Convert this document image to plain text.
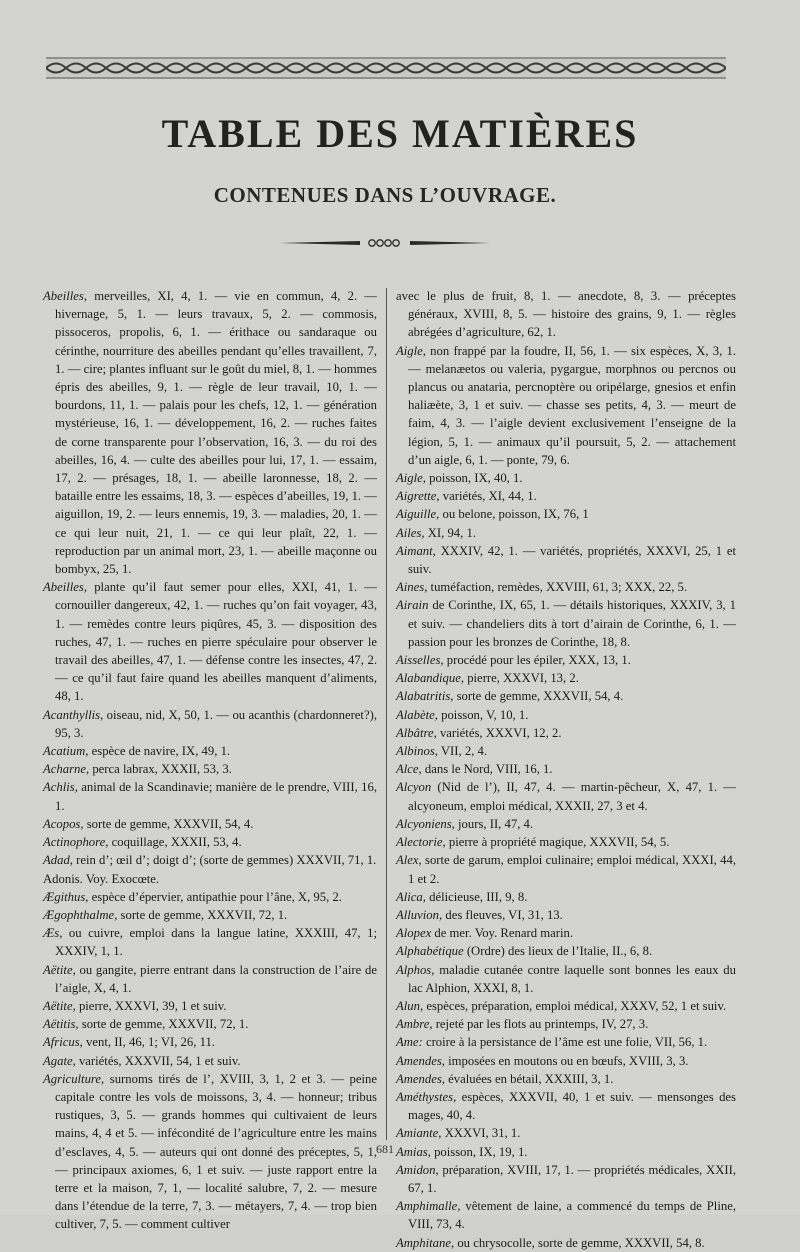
TABLE DES MATIÈRES
CONTENUES DANS L’OUVRAGE.

Abeilles, merveilles, XI, 4, 1. — vie en commun, 4, 2. — hivernage, 5, 1. — leurs travaux, 5, 2. — commosis, pissoceros, propolis, 6, 1. — érithace ou sandaraque ou cérinthe, nourriture des abeilles pendant qu’elles travaillent, 7, 1. — cire; plantes influant sur le goût du miel, 8, 1. — hommes épris des abeilles, 9, 1. — règle de leur travail, 10, 1. — bourdons, 11, 1. — palais pour les chefs, 12, 1. — génération mystérieuse, 16, 1. — développement, 16, 2. — ruches faites de corne transparente pour l’observation, 16, 3. — du roi des abeilles, 16, 4. — culte des abeilles pour lui, 17, 1. — essaim, 17, 2. — présages, 18, 1. — abeille laronnesse, 18, 2. — bataille entre les essaims, 18, 3. — espèces d’abeilles, 19, 1. — aiguillon, 19, 2. — leurs ennemis, 19, 3. — maladies, 20, 1. — ce qui leur nuit, 21, 1. — ce qui leur plaît, 22, 1. — reproduction par un animal mort, 23, 1. — abeille maçonne ou bombyx, 25, 1.

Abeilles, plante qu’il faut semer pour elles, XXI, 41, 1. — cornouiller dangereux, 42, 1. — ruches qu’on fait voyager, 43, 1. — remèdes contre leurs piqûres, 45, 3. — disposition des ruches, 47, 1. — ruches en pierre spéculaire pour observer le travail des abeilles, 47, 1. — défense contre les insectes, 47, 2. — ce qu’il faut faire quand les abeilles manquent d’aliments, 48, 1.

Acanthyllis, oiseau, nid, X, 50, 1. — ou acanthis (chardonneret?), 95, 3.

Acatium, espèce de navire, IX, 49, 1.

Acharne, perca labrax, XXXII, 53, 3.

Achlis, animal de la Scandinavie; manière de le prendre, VIII, 16, 1.

Acopos, sorte de gemme, XXXVII, 54, 4.

Actinophore, coquillage, XXXII, 53, 4.

Adad, rein d’; œil d’; doigt d’; (sorte de gemmes) XXXVII, 71, 1.

Adonis. Voy. Exocœte.

Ægithus, espèce d’épervier, antipathie pour l’âne, X, 95, 2.

Ægophthalme, sorte de gemme, XXXVII, 72, 1.

Æs, ou cuivre, emploi dans la langue latine, XXXIII, 47, 1; XXXIV, 1, 1.

Aëtite, ou gangite, pierre entrant dans la construction de l’aire de l’aigle, X, 4, 1.

Aëtite, pierre, XXXVI, 39, 1 et suiv.

Aëtitis, sorte de gemme, XXXVII, 72, 1.

Africus, vent, II, 46, 1; VI, 26, 11.

Agate, variétés, XXXVII, 54, 1 et suiv.

Agriculture, surnoms tirés de l’, XVIII, 3, 1, 2 et 3. — peine capitale contre les vols de moissons, 3, 4. — honneur; tribus rustiques, 3, 5. — grands hommes qui cultivaient de leurs mains, 4, 4 et 5. — infécondité de l’agriculture entre les mains d’esclaves, 4, 5. — auteurs qui ont donné des préceptes, 5, 1, — principaux axiomes, 6, 1 et suiv. — juste rapport entre la terre et la maison, 7, 1, — localité salubre, 7, 2. — mesure dans l’étendue de la terre, 7, 3. — métayers, 7, 4. — trop bien cultiver, 7, 5. — comment cultiver

avec le plus de fruit, 8, 1. — anecdote, 8, 3. — préceptes généraux, XVIII, 8, 5. — histoire des grains, 9, 1. — règles abrégées d’agriculture, 62, 1.

Aigle, non frappé par la foudre, II, 56, 1. — six espèces, X, 3, 1. — melanæetos ou valeria, pygargue, morphnos ou percnos ou plancus ou anataria, percnoptère ou oripélarge, gnesios et enfin haliæète, 3, 1 et suiv. — chasse ses petits, 4, 3. — meurt de faim, 4, 3. — l’aigle devient exclusivement l’enseigne de la légion, 5, 1. — animaux qu’il poursuit, 5, 2. — attachement d’un aigle, 6, 1. — ponte, 79, 6.

Aigle, poisson, IX, 40, 1.

Aigrette, variétés, XI, 44, 1.

Aiguille, ou belone, poisson, IX, 76, 1

Ailes, XI, 94, 1.

Aimant, XXXIV, 42, 1. — variétés, propriétés, XXXVI, 25, 1 et suiv.

Aines, tuméfaction, remèdes, XXVIII, 61, 3; XXX, 22, 5.

Airain de Corinthe, IX, 65, 1. — détails historiques, XXXIV, 3, 1 et suiv. — chandeliers dits à tort d’airain de Corinthe, 6, 1. — passion pour les bronzes de Corinthe, 18, 8.

Aisselles, procédé pour les épiler, XXX, 13, 1.

Alabandique, pierre, XXXVI, 13, 2.

Alabatritis, sorte de gemme, XXXVII, 54, 4.

Alabète, poisson, V, 10, 1.

Albâtre, variétés, XXXVI, 12, 2.

Albinos, VII, 2, 4.

Alce, dans le Nord, VIII, 16, 1.

Alcyon (Nid de l’), II, 47, 4. — martin-pêcheur, X, 47, 1. — alcyoneum, emploi médical, XXXII, 27, 3 et 4.

Alcyoniens, jours, II, 47, 4.

Alectorie, pierre à propriété magique, XXXVII, 54, 5.

Alex, sorte de garum, emploi culinaire; emploi médical, XXXI, 44, 1 et 2.

Alica, délicieuse, III, 9, 8.

Alluvion, des fleuves, VI, 31, 13.

Alopex de mer. Voy. Renard marin.

Alphabétique (Ordre) des lieux de l’Italie, II., 6, 8.

Alphos, maladie cutanée contre laquelle sont bonnes les eaux du lac Alphion, XXXI, 8, 1.

Alun, espèces, préparation, emploi médical, XXXV, 52, 1 et suiv.

Ambre, rejeté par les flots au printemps, IV, 27, 3.

Ame: croire à la persistance de l’âme est une folie, VII, 56, 1.

Amendes, imposées en moutons ou en bœufs, XVIII, 3, 3.

Amendes, évaluées en bétail, XXXIII, 3, 1.

Améthystes, espèces, XXXVII, 40, 1 et suiv. — mensonges des mages, 40, 4.

Amiante, XXXVI, 31, 1.

Amias, poisson, IX, 19, 1.

Amidon, préparation, XVIII, 17, 1. — propriétés médicales, XXII, 67, 1.

Amphimalle, vêtement de laine, a commencé du temps de Pline, VIII, 73, 4.

Amphitane, ou chrysocolle, sorte de gemme, XXXVII, 54, 8.

681
